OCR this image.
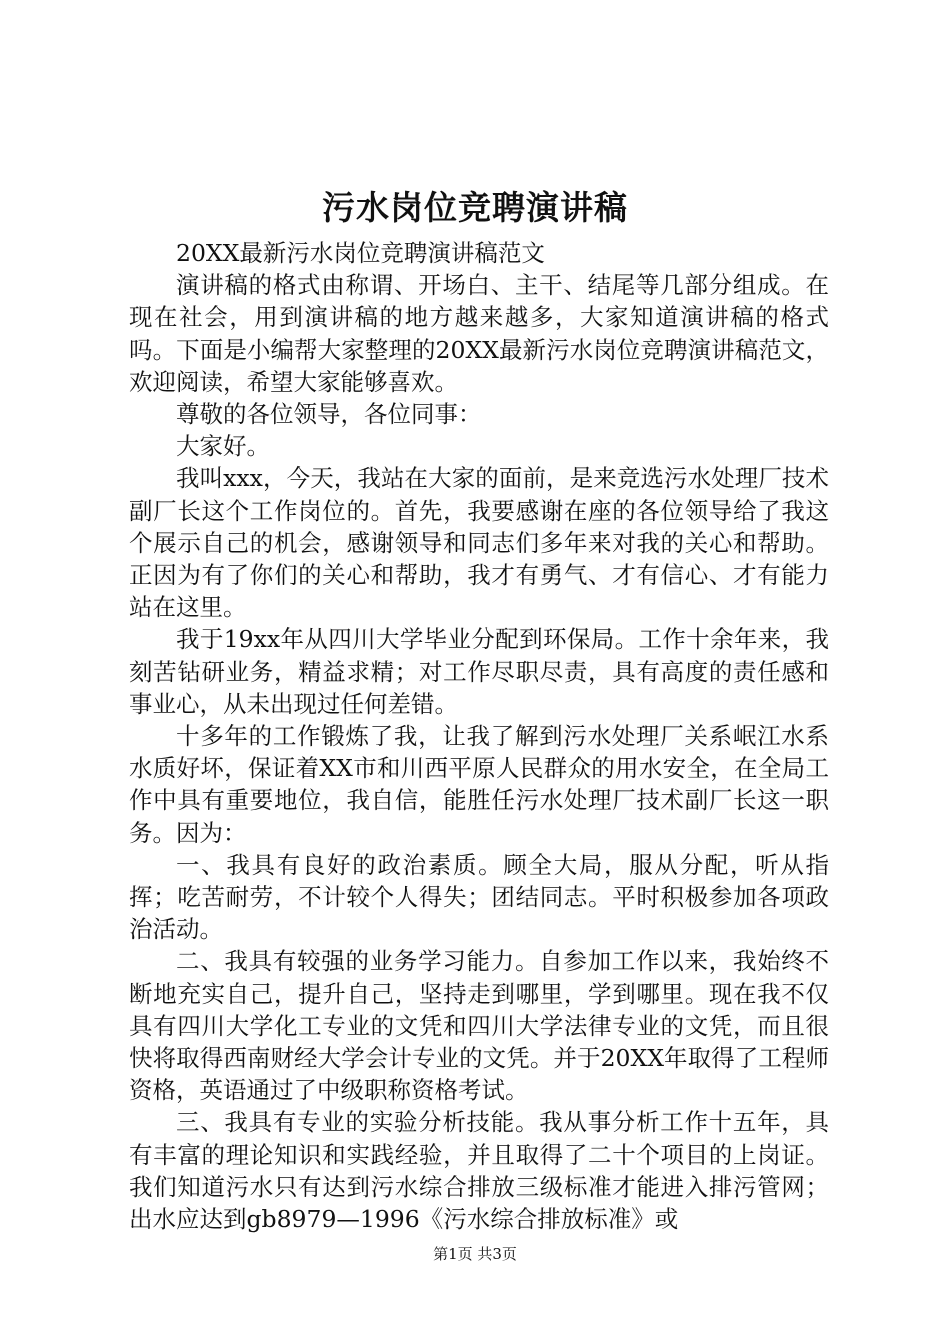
污水岗位竞聘演讲稿

20XX最新污水岗位竞聘演讲稿范文

演讲稿的格式由称谓、开场白、主干、结尾等几部分组成。在现在社会，用到演讲稿的地方越来越多，大家知道演讲稿的格式吗。下面是小编帮大家整理的20XX最新污水岗位竞聘演讲稿范文，欢迎阅读，希望大家能够喜欢。

尊敬的各位领导，各位同事：

大家好。

我叫xxx，今天，我站在大家的面前，是来竞选污水处理厂技术副厂长这个工作岗位的。首先，我要感谢在座的各位领导给了我这个展示自己的机会，感谢领导和同志们多年来对我的关心和帮助。正因为有了你们的关心和帮助，我才有勇气、才有信心、才有能力站在这里。

我于19xx年从四川大学毕业分配到环保局。工作十余年来，我刻苦钻研业务，精益求精；对工作尽职尽责，具有高度的责任感和事业心，从未出现过任何差错。

十多年的工作锻炼了我，让我了解到污水处理厂关系岷江水系水质好坏，保证着XX市和川西平原人民群众的用水安全，在全局工作中具有重要地位，我自信，能胜任污水处理厂技术副厂长这一职务。因为：

一、我具有良好的政治素质。顾全大局，服从分配，听从指挥；吃苦耐劳，不计较个人得失；团结同志。平时积极参加各项政治活动。

二、我具有较强的业务学习能力。自参加工作以来，我始终不断地充实自己，提升自己，坚持走到哪里，学到哪里。现在我不仅具有四川大学化工专业的文凭和四川大学法律专业的文凭，而且很快将取得西南财经大学会计专业的文凭。并于20XX年取得了工程师资格，英语通过了中级职称资格考试。

三、我具有专业的实验分析技能。我从事分析工作十五年，具有丰富的理论知识和实践经验，并且取得了二十个项目的上岗证。我们知道污水只有达到污水综合排放三级标准才能进入排污管网；出水应达到gb8979—1996《污水综合排放标准》或

第1页 共3页
